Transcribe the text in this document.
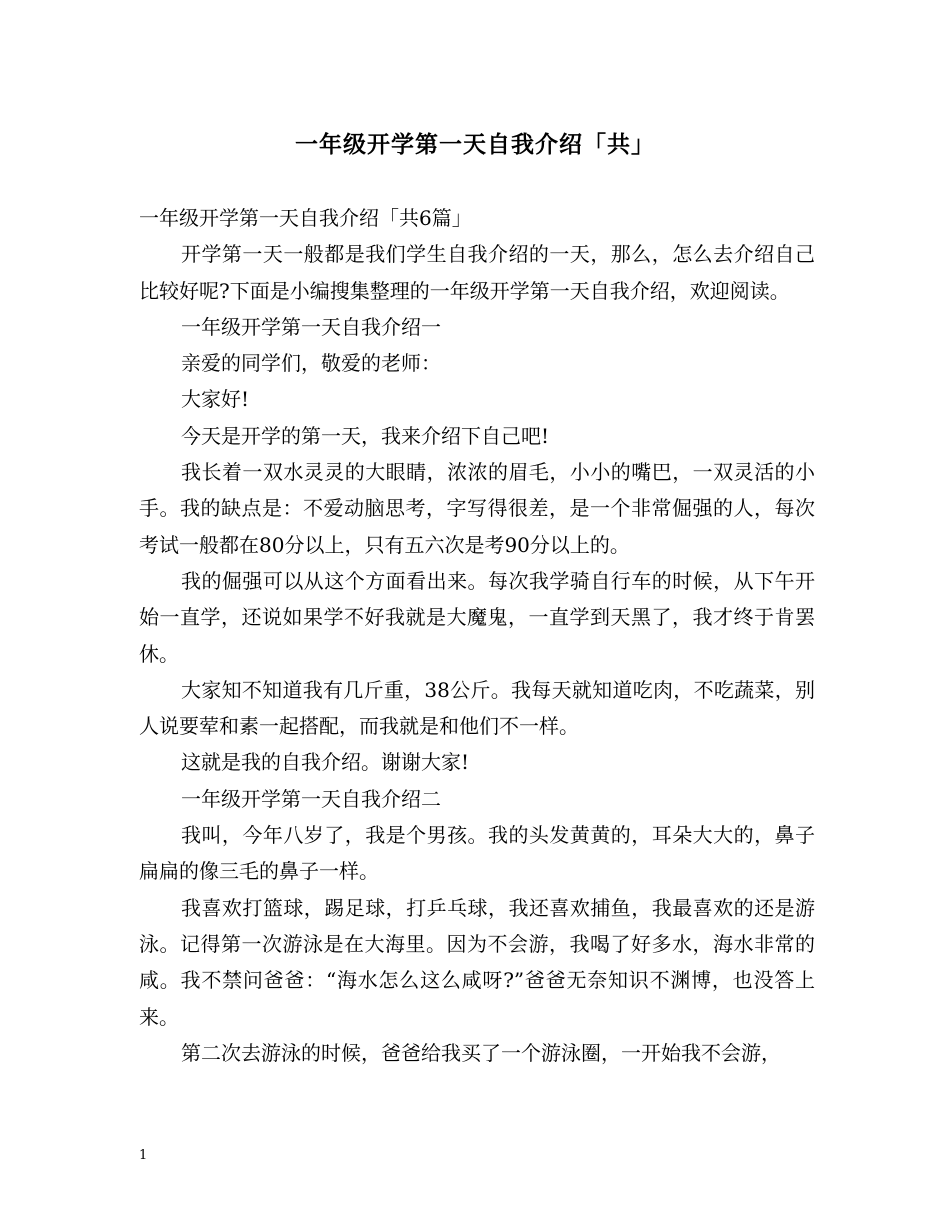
一年级开学第一天自我介绍「共」

一年级开学第一天自我介绍「共6篇」

开学第一天一般都是我们学生自我介绍的一天，那么，怎么去介绍自己比较好呢?下面是小编搜集整理的一年级开学第一天自我介绍，欢迎阅读。

一年级开学第一天自我介绍一

亲爱的同学们，敬爱的老师：

大家好!

今天是开学的第一天，我来介绍下自己吧!

我长着一双水灵灵的大眼睛，浓浓的眉毛，小小的嘴巴，一双灵活的小手。我的缺点是：不爱动脑思考，字写得很差，是一个非常倔强的人，每次考试一般都在80分以上，只有五六次是考90分以上的。

我的倔强可以从这个方面看出来。每次我学骑自行车的时候，从下午开始一直学，还说如果学不好我就是大魔鬼，一直学到天黑了，我才终于肯罢休。

大家知不知道我有几斤重，38公斤。我每天就知道吃肉，不吃蔬菜，别人说要荤和素一起搭配，而我就是和他们不一样。

这就是我的自我介绍。谢谢大家!

一年级开学第一天自我介绍二

我叫，今年八岁了，我是个男孩。我的头发黄黄的，耳朵大大的，鼻子扁扁的像三毛的鼻子一样。

我喜欢打篮球，踢足球，打乒乓球，我还喜欢捕鱼，我最喜欢的还是游泳。记得第一次游泳是在大海里。因为不会游，我喝了好多水，海水非常的咸。我不禁问爸爸：“海水怎么这么咸呀?”爸爸无奈知识不渊博，也没答上来。

第二次去游泳的时候，爸爸给我买了一个游泳圈，一开始我不会游，

1
